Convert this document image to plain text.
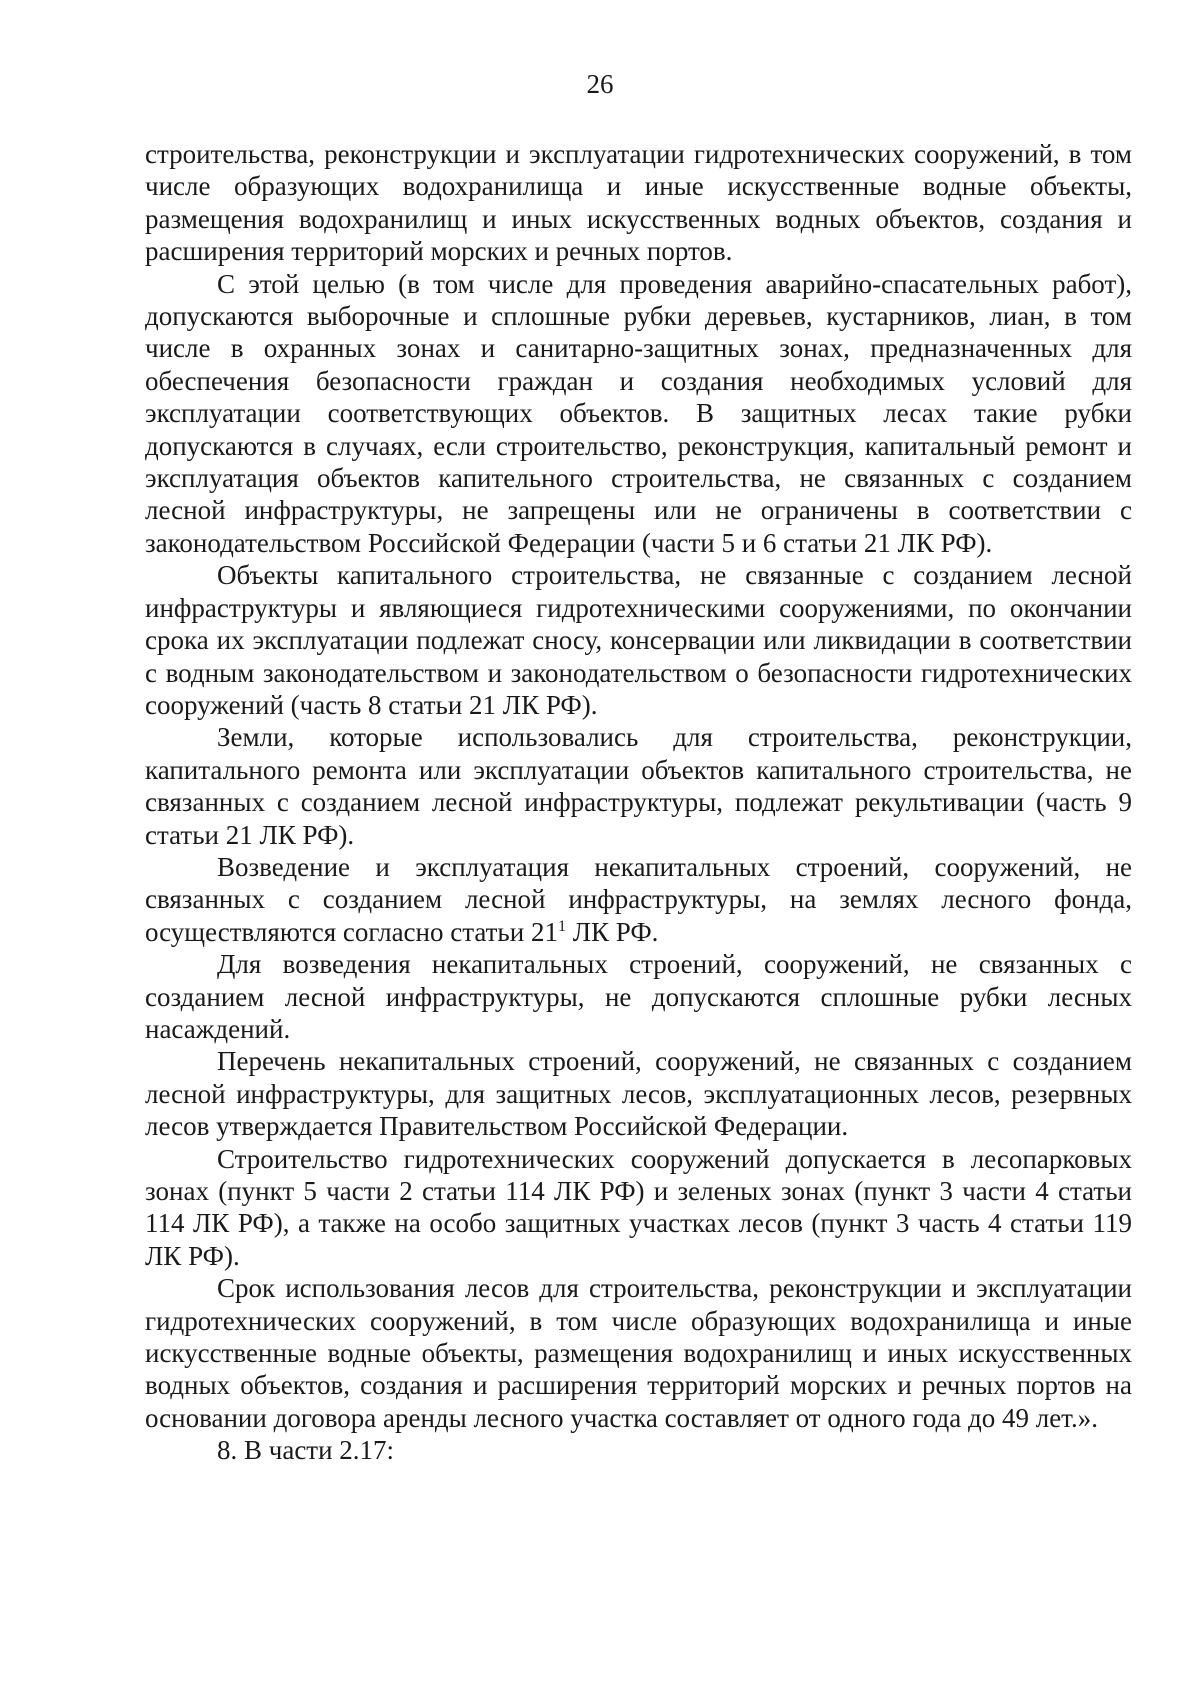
26

строительства, реконструкции и эксплуатации гидротехнических сооружений, в том числе образующих водохранилища и иные искусственные водные объекты, размещения водохранилищ и иных искусственных водных объектов, создания и расширения территорий морских и речных портов.

С этой целью (в том числе для проведения аварийно-спасательных работ), допускаются выборочные и сплошные рубки деревьев, кустарников, лиан, в том числе в охранных зонах и санитарно-защитных зонах, предназначенных для обеспечения безопасности граждан и создания необходимых условий для эксплуатации соответствующих объектов. В защитных лесах такие рубки допускаются в случаях, если строительство, реконструкция, капитальный ремонт и эксплуатация объектов капительного строительства, не связанных с созданием лесной инфраструктуры, не запрещены или не ограничены в соответствии с законодательством Российской Федерации (части 5 и 6 статьи 21 ЛК РФ).

Объекты капитального строительства, не связанные с созданием лесной инфраструктуры и являющиеся гидротехническими сооружениями, по окончании срока их эксплуатации подлежат сносу, консервации или ликвидации в соответствии с водным законодательством и законодательством о безопасности гидротехнических сооружений (часть 8 статьи 21 ЛК РФ).

Земли, которые использовались для строительства, реконструкции, капитального ремонта или эксплуатации объектов капитального строительства, не связанных с созданием лесной инфраструктуры, подлежат рекультивации (часть 9 статьи 21 ЛК РФ).

Возведение и эксплуатация некапитальных строений, сооружений, не связанных с созданием лесной инфраструктуры, на землях лесного фонда, осуществляются согласно статьи $21^1$ ЛК РФ.

Для возведения некапитальных строений, сооружений, не связанных с созданием лесной инфраструктуры, не допускаются сплошные рубки лесных насаждений.

Перечень некапитальных строений, сооружений, не связанных с созданием лесной инфраструктуры, для защитных лесов, эксплуатационных лесов, резервных лесов утверждается Правительством Российской Федерации.

Строительство гидротехнических сооружений допускается в лесопарковых зонах (пункт 5 части 2 статьи 114 ЛК РФ) и зеленых зонах (пункт 3 части 4 статьи 114 ЛК РФ), а также на особо защитных участках лесов (пункт 3 часть 4 статьи 119 ЛК РФ).

Срок использования лесов для строительства, реконструкции и эксплуатации гидротехнических сооружений, в том числе образующих водохранилища и иные искусственные водные объекты, размещения водохранилищ и иных искусственных водных объектов, создания и расширения территорий морских и речных портов на основании договора аренды лесного участка составляет от одного года до 49 лет.».

8. В части 2.17:
